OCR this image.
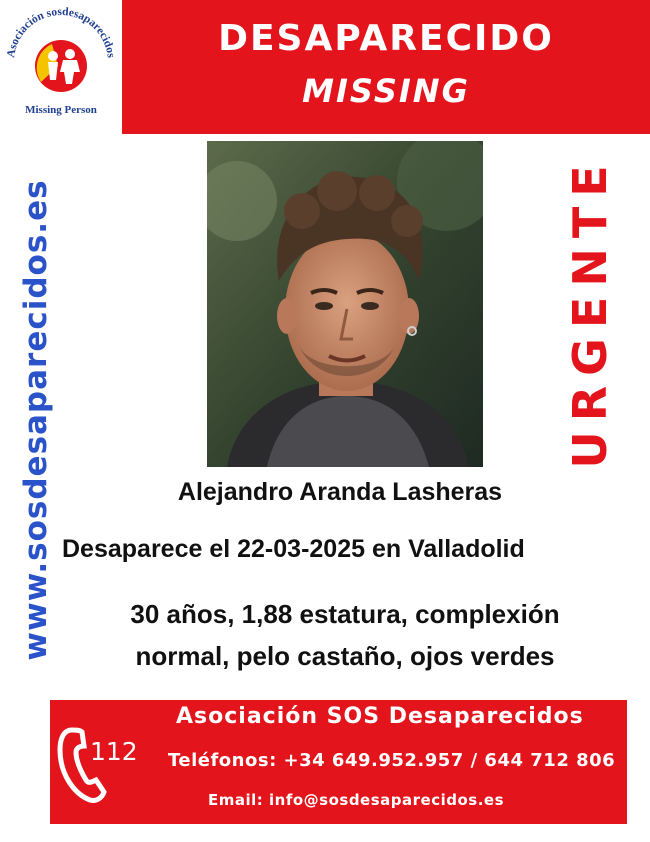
Asociación sosdesaparecidos
Missing Person
DESAPARECIDO
MISSING
www.sosdesaparecidos.es	URGENTE
Alejandro Aranda Lasheras
Desaparece el 22-03-2025 en Valladolid
30 años, 1,88 estatura, complexión
normal, pelo castaño, ojos verdes
112
Asociación SOS Desaparecidos
Teléfonos: +34 649.952.957 / 644 712 806
Email: info@sosdesaparecidos.es
